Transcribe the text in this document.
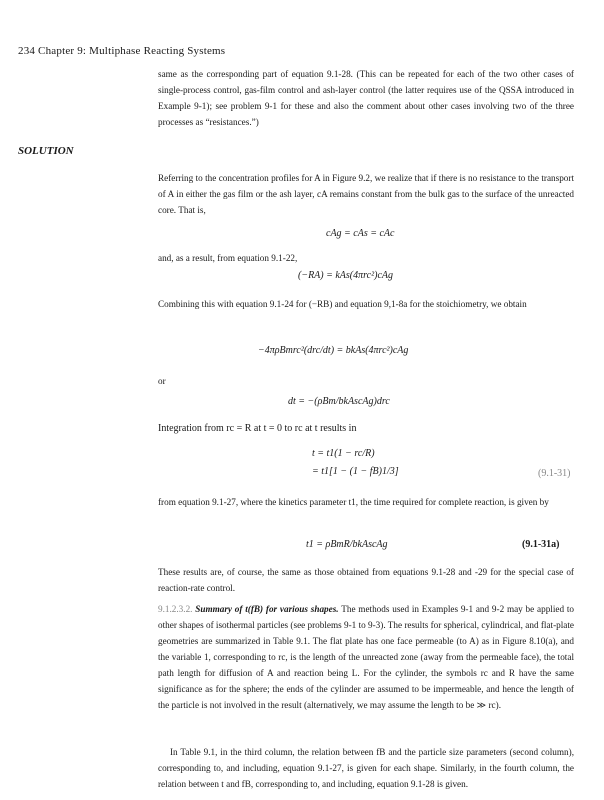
234 Chapter 9: Multiphase Reacting Systems
same as the corresponding part of equation 9.1-28. (This can be repeated for each of the two other cases of single-process control, gas-film control and ash-layer control (the latter requires use of the QSSA introduced in Example 9-1); see problem 9-1 for these and also the comment about other cases involving two of the three processes as “resistances.”)
SOLUTION
Referring to the concentration profiles for A in Figure 9.2, we realize that if there is no resistance to the transport of A in either the gas film or the ash layer, cA remains constant from the bulk gas to the surface of the unreacted core. That is,
cAg = cAs = cAc
and, as a result, from equation 9.1-22,
(−RA) = kAs(4πrc²)cAg
Combining this with equation 9.1-24 for (−RB) and equation 9,1-8a for the stoichiometry, we obtain
−4πρBmrc²(drc/dt) = bkAs(4πrc²)cAg
or
dt = −(ρBm/bkAscAg)drc
Integration from rc = R at t = 0 to rc at t results in
t = t1(1 − rc/R)
= t1[1 − (1 − fB)1/3]	(9.1-31)
from equation 9.1-27, where the kinetics parameter t1, the time required for complete reaction, is given by
t1 = ρBmR/bkAscAg	(9.1-31a)
These results are, of course, the same as those obtained from equations 9.1-28 and -29 for the special case of reaction-rate control.
9.1.2.3.2. Summary of t(fB) for various shapes. The methods used in Examples 9-1 and 9-2 may be applied to other shapes of isothermal particles (see problems 9-1 to 9-3). The results for spherical, cylindrical, and flat-plate geometries are summarized in Table 9.1. The flat plate has one face permeable (to A) as in Figure 8.10(a), and the variable 1, corresponding to rc, is the length of the unreacted zone (away from the permeable face), the total path length for diffusion of A and reaction being L. For the cylinder, the symbols rc and R have the same significance as for the sphere; the ends of the cylinder are assumed to be impermeable, and hence the length of the particle is not involved in the result (alternatively, we may assume the length to be ≫ rc).
In Table 9.1, in the third column, the relation between fB and the particle size parameters (second column), corresponding to, and including, equation 9.1-27, is given for each shape. Similarly, in the fourth column, the relation between t and fB, corresponding to, and including, equation 9.1-28 is given.
